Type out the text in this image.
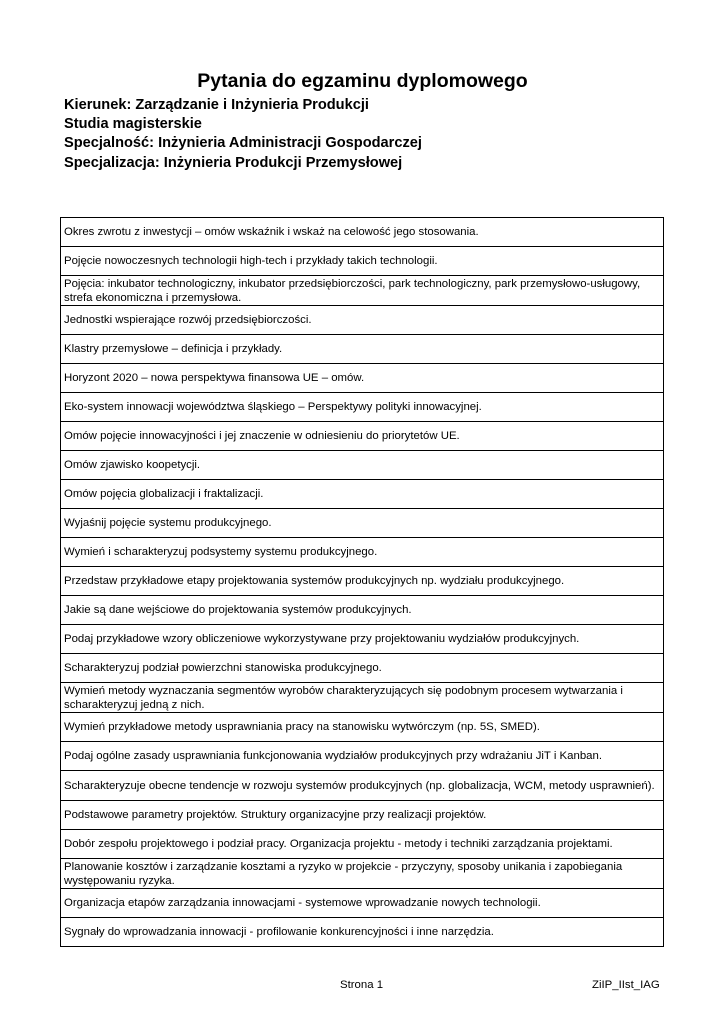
Pytania do egzaminu dyplomowego
Kierunek: Zarządzanie i Inżynieria Produkcji
Studia magisterskie
Specjalność: Inżynieria Administracji Gospodarczej
Specjalizacja: Inżynieria Produkcji Przemysłowej
Okres zwrotu z inwestycji – omów wskaźnik i wskaż na celowość jego stosowania.
Pojęcie nowoczesnych technologii high-tech i przykłady takich technologii.
Pojęcia: inkubator technologiczny, inkubator przedsiębiorczości, park technologiczny, park przemysłowo-usługowy, strefa ekonomiczna i przemysłowa.
Jednostki wspierające rozwój przedsiębiorczości.
Klastry przemysłowe – definicja i przykłady.
Horyzont 2020 – nowa perspektywa finansowa UE – omów.
Eko-system innowacji województwa śląskiego – Perspektywy polityki innowacyjnej.
Omów pojęcie innowacyjności i jej znaczenie w odniesieniu do priorytetów UE.
Omów zjawisko koopetycji.
Omów pojęcia globalizacji i fraktalizacji.
Wyjaśnij pojęcie systemu produkcyjnego.
Wymień i scharakteryzuj podsystemy systemu produkcyjnego.
Przedstaw przykładowe etapy projektowania systemów produkcyjnych np. wydziału produkcyjnego.
Jakie są dane wejściowe do projektowania systemów produkcyjnych.
Podaj przykładowe wzory obliczeniowe wykorzystywane przy projektowaniu wydziałów produkcyjnych.
Scharakteryzuj podział powierzchni stanowiska produkcyjnego.
Wymień metody wyznaczania segmentów wyrobów charakteryzujących się podobnym procesem wytwarzania i scharakteryzuj jedną z nich.
Wymień przykładowe metody usprawniania pracy na stanowisku wytwórczym (np. 5S, SMED).
Podaj ogólne zasady usprawniania funkcjonowania wydziałów produkcyjnych przy wdrażaniu JiT i Kanban.
Scharakteryzuje obecne tendencje w rozwoju systemów produkcyjnych (np. globalizacja, WCM, metody usprawnień).
Podstawowe parametry projektów. Struktury organizacyjne przy realizacji projektów.
Dobór zespołu projektowego i podział pracy. Organizacja projektu - metody i techniki zarządzania projektami.
Planowanie kosztów i zarządzanie kosztami a ryzyko w projekcie - przyczyny, sposoby unikania i zapobiegania występowaniu ryzyka.
Organizacja etapów zarządzania innowacjami - systemowe wprowadzanie nowych technologii.
Sygnały do wprowadzania innowacji - profilowanie konkurencyjności i inne narzędzia.
Strona 1	ZiIP_IIst_IAG
